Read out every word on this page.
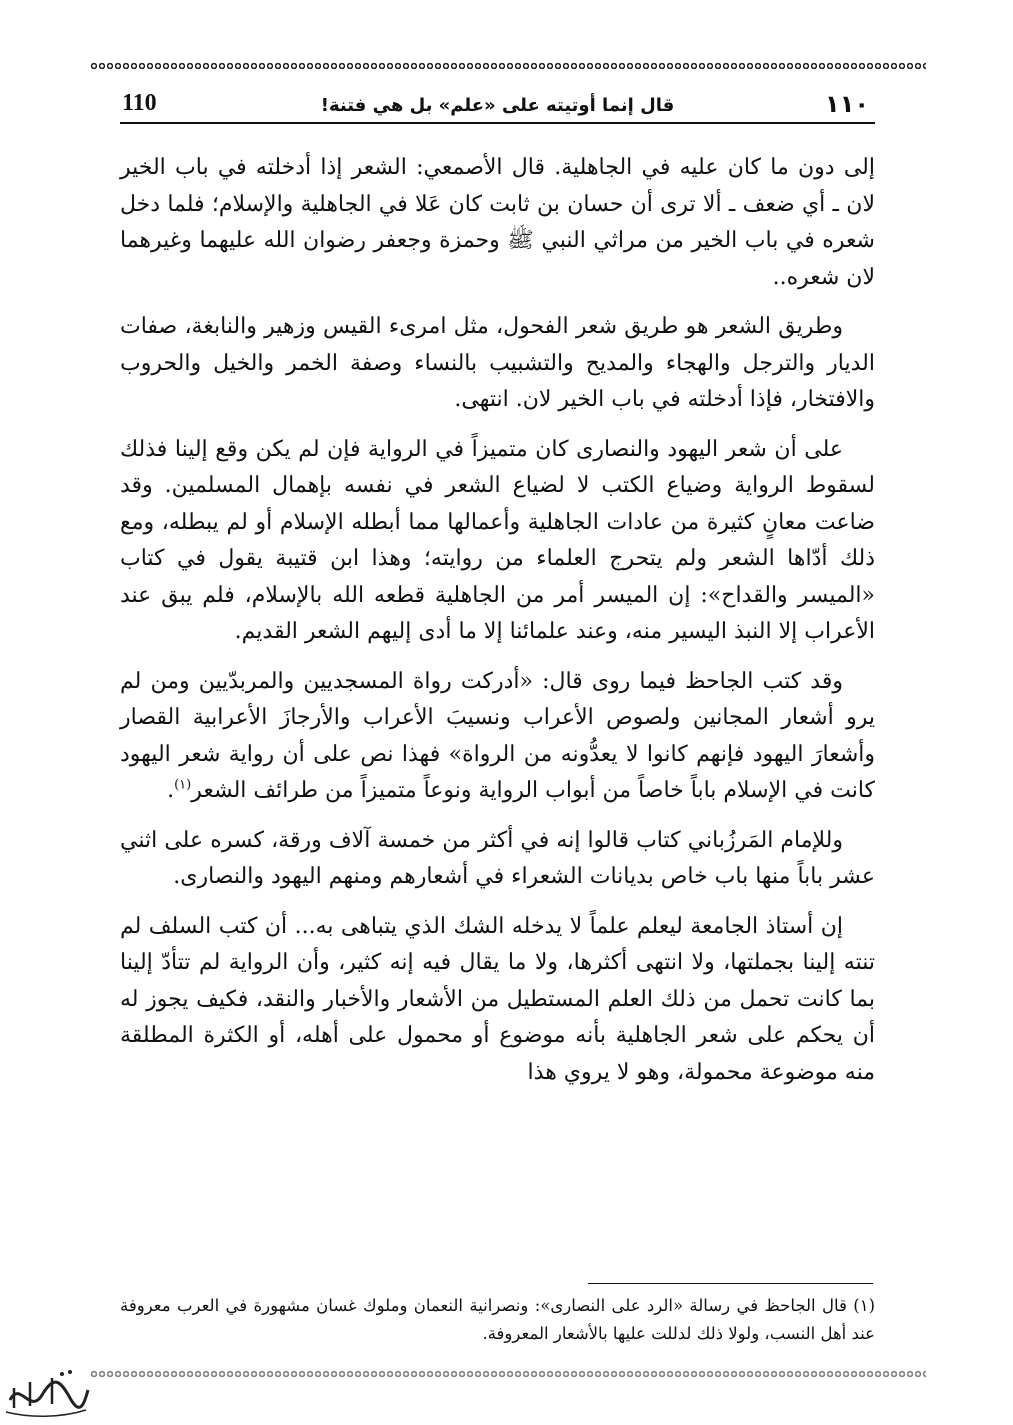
110	قال إنما أوتيته على «علم» بل هي فتنة!	١١٠

إلى دون ما كان عليه في الجاهلية. قال الأصمعي: الشعر إذا أدخلته في باب الخير لان ـ أي ضعف ـ ألا ترى أن حسان بن ثابت كان عَلا في الجاهلية والإسلام؛ فلما دخل شعره في باب الخير من مراثي النبي ﷺ وحمزة وجعفر رضوان الله عليهما وغيرهما لان شعره..

وطريق الشعر هو طريق شعر الفحول، مثل امرىء القيس وزهير والنابغة، صفات الديار والترجل والهجاء والمديح والتشبيب بالنساء وصفة الخمر والخيل والحروب والافتخار، فإذا أدخلته في باب الخير لان. انتهى.

على أن شعر اليهود والنصارى كان متميزاً في الرواية فإن لم يكن وقع إلينا فذلك لسقوط الرواية وضياع الكتب لا لضياع الشعر في نفسه بإهمال المسلمين. وقد ضاعت معانٍ كثيرة من عادات الجاهلية وأعمالها مما أبطله الإسلام أو لم يبطله، ومع ذلك أدّاها الشعر ولم يتحرج العلماء من روايته؛ وهذا ابن قتيبة يقول في كتاب «الميسر والقداح»: إن الميسر أمر من الجاهلية قطعه الله بالإسلام، فلم يبق عند الأعراب إلا النبذ اليسير منه، وعند علمائنا إلا ما أدى إليهم الشعر القديم.

وقد كتب الجاحظ فيما روى قال: «أدركت رواة المسجديين والمربدّيين ومن لم يرو أشعار المجانين ولصوص الأعراب ونسيبَ الأعراب والأرجازَ الأعرابية القصار وأشعارَ اليهود فإنهم كانوا لا يعدُّونه من الرواة» فهذا نص على أن رواية شعر اليهود كانت في الإسلام باباً خاصاً من أبواب الرواية ونوعاً متميزاً من طرائف الشعر$^{(١)}$.

وللإمام المَرزُباني كتاب قالوا إنه في أكثر من خمسة آلاف ورقة، كسره على اثني عشر باباً منها باب خاص بديانات الشعراء في أشعارهم ومنهم اليهود والنصارى.

إن أستاذ الجامعة ليعلم علماً لا يدخله الشك الذي يتباهى به... أن كتب السلف لم تنته إلينا بجملتها، ولا انتهى أكثرها، ولا ما يقال فيه إنه كثير، وأن الرواية لم تتأدّ إلينا بما كانت تحمل من ذلك العلم المستطيل من الأشعار والأخبار والنقد، فكيف يجوز له أن يحكم على شعر الجاهلية بأنه موضوع أو محمول على أهله، أو الكثرة المطلقة منه موضوعة محمولة، وهو لا يروي هذا

(١) قال الجاحظ في رسالة «الرد على النصارى»: ونصرانية النعمان وملوك غسان مشهورة في العرب معروفة عند أهل النسب، ولولا ذلك لدللت عليها بالأشعار المعروفة.
